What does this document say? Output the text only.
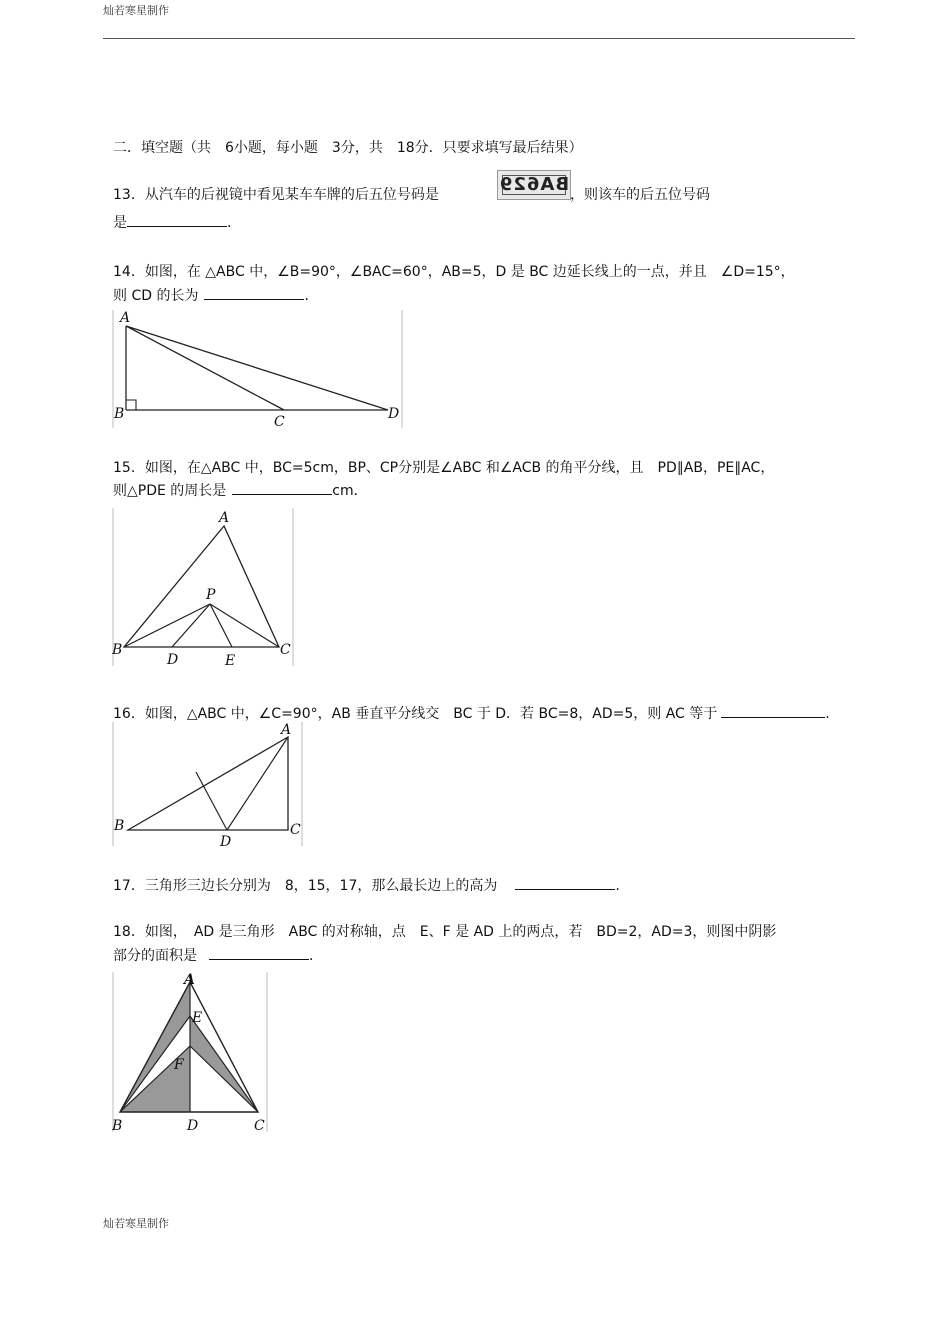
灿若寒星制作
二．填空题（共　6小题，每小题　3分，共　18分．只要求填写最后结果）
13．从汽车的后视镜中看见某车车牌的后五位号码是	BA629 ，则该车的后五位号码
是	.
14．如图，在 △ABC 中，∠B=90°，∠BAC=60°，AB=5，D 是 BC 边延长线上的一点，并且　∠D=15°，
则 CD 的长为	．
A
B	C	D
15．如图，在△ABC 中，BC=5cm，BP、CP分别是∠ABC 和∠ACB 的角平分线，且　PD∥AB，PE∥AC，
则△PDE 的周长是	cm．
A
P
B	C
D	E
16．如图，△ABC 中，∠C=90°，AB 垂直平分线交　BC 于 D．若 BC=8，AD=5，则 AC 等于	.
A
B	C
D
17．三角形三边长分别为　8，15，17，那么最长边上的高为	.
18．如图，　AD 是三角形　ABC 的对称轴，点　E、F 是 AD 上的两点，若　BD=2，AD=3，则图中阴影
部分的面积是	.
A
E
F
B	D	C
灿若寒星制作
